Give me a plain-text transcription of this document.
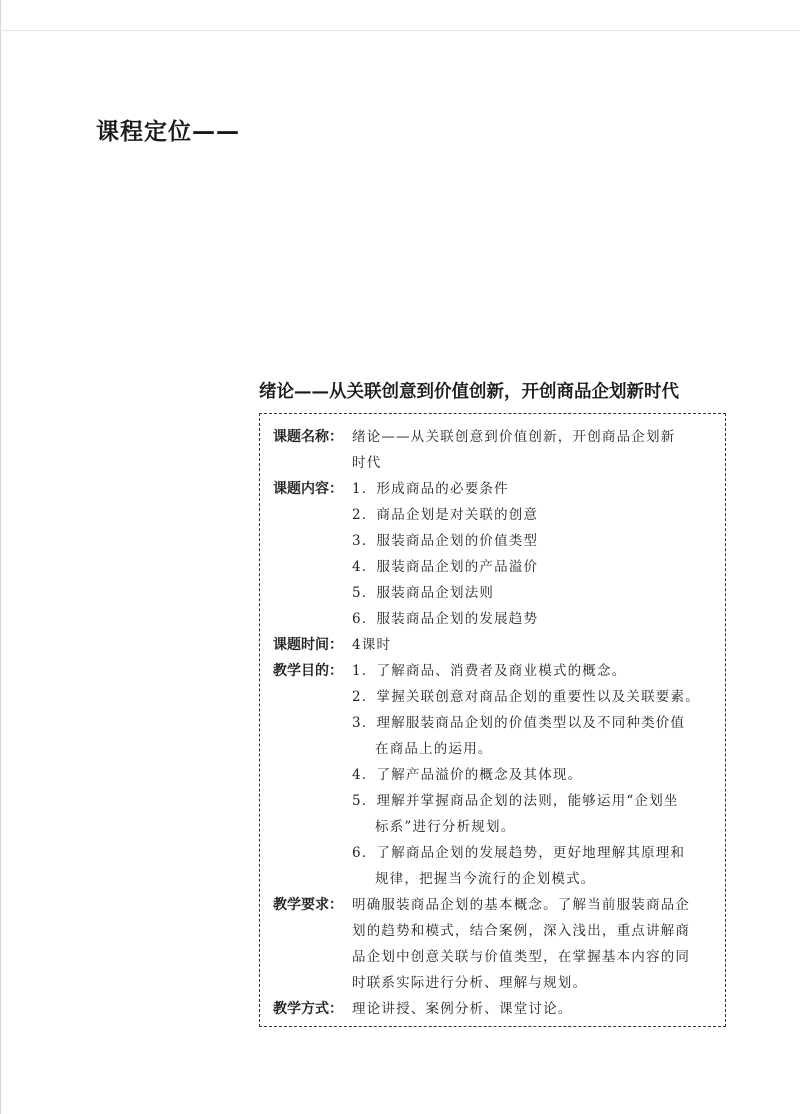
课程定位——
绪论——从关联创意到价值创新，开创商品企划新时代
课题名称： 绪论——从关联创意到价值创新，开创商品企划新
时代
课题内容： 1．形成商品的必要条件
2．商品企划是对关联的创意
3．服装商品企划的价值类型
4．服装商品企划的产品溢价
5．服装商品企划法则
6．服装商品企划的发展趋势
课题时间： 4课时
教学目的： 1．了解商品、消费者及商业模式的概念。
2．掌握关联创意对商品企划的重要性以及关联要素。
3．理解服装商品企划的价值类型以及不同种类价值
在商品上的运用。
4．了解产品溢价的概念及其体现。
5．理解并掌握商品企划的法则，能够运用“企划坐
标系”进行分析规划。
6．了解商品企划的发展趋势，更好地理解其原理和
规律，把握当今流行的企划模式。
教学要求： 明确服装商品企划的基本概念。了解当前服装商品企
划的趋势和模式，结合案例，深入浅出，重点讲解商
品企划中创意关联与价值类型，在掌握基本内容的同
时联系实际进行分析、理解与规划。
教学方式： 理论讲授、案例分析、课堂讨论。
